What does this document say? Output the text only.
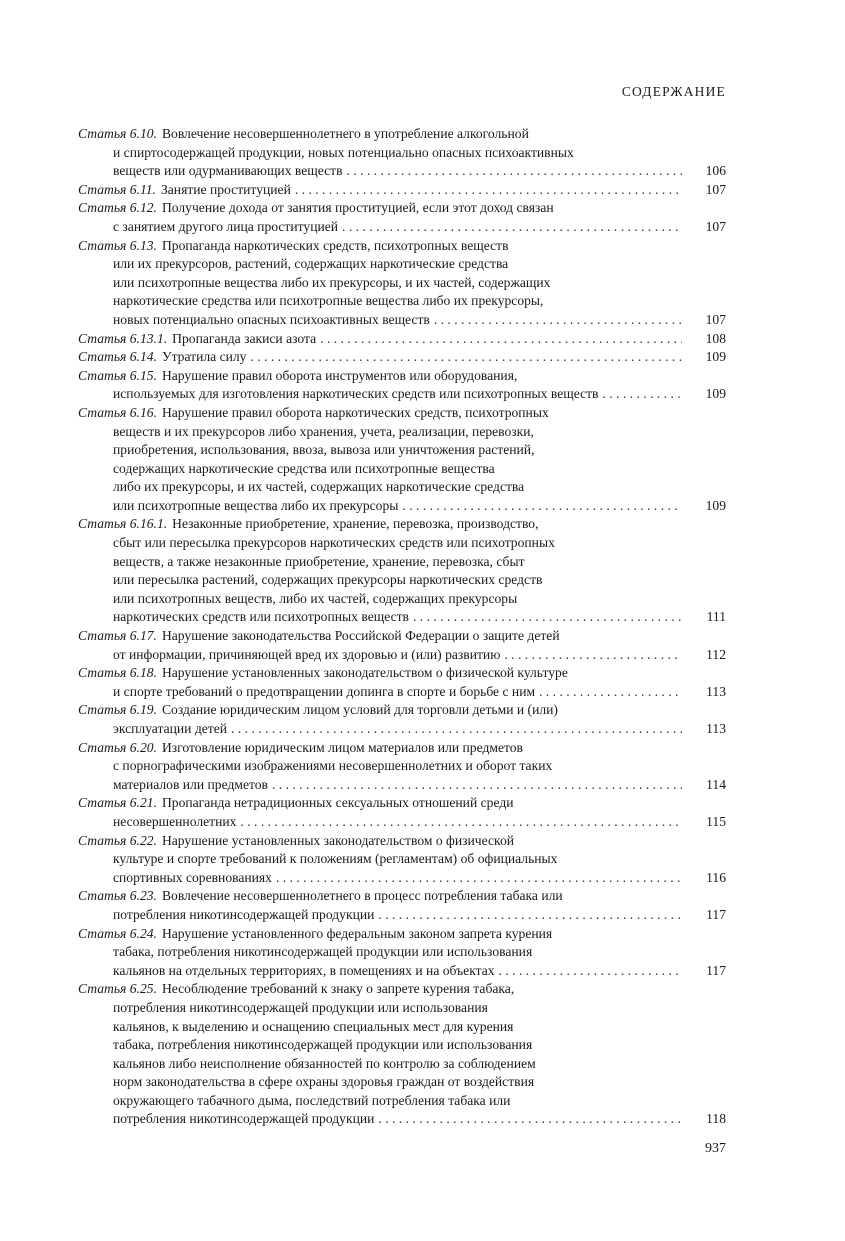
СОДЕРЖАНИЕ
Статья 6.10. Вовлечение несовершеннолетнего в употребление алкогольной
и спиртосодержащей продукции, новых потенциально опасных психоактивных
веществ или одурманивающих веществ . . .	106
Статья 6.11. Занятие проституцией . . .	107
Статья 6.12. Получение дохода от занятия проституцией, если этот доход связан
с занятием другого лица проституцией . . .	107
Статья 6.13. Пропаганда наркотических средств, психотропных веществ
или их прекурсоров, растений, содержащих наркотические средства
или психотропные вещества либо их прекурсоры, и их частей, содержащих
наркотические средства или психотропные вещества либо их прекурсоры,
новых потенциально опасных психоактивных веществ . . .	107
Статья 6.13.1. Пропаганда закиси азота . . .	108
Статья 6.14. Утратила силу . . .	109
Статья 6.15. Нарушение правил оборота инструментов или оборудования,
используемых для изготовления наркотических средств или психотропных веществ . . .	109
Статья 6.16. Нарушение правил оборота наркотических средств, психотропных
веществ и их прекурсоров либо хранения, учета, реализации, перевозки,
приобретения, использования, ввоза, вывоза или уничтожения растений,
содержащих наркотические средства или психотропные вещества
либо их прекурсоры, и их частей, содержащих наркотические средства
или психотропные вещества либо их прекурсоры . . .	109
Статья 6.16.1. Незаконные приобретение, хранение, перевозка, производство,
сбыт или пересылка прекурсоров наркотических средств или психотропных
веществ, а также незаконные приобретение, хранение, перевозка, сбыт
или пересылка растений, содержащих прекурсоры наркотических средств
или психотропных веществ, либо их частей, содержащих прекурсоры
наркотических средств или психотропных веществ . . .	111
Статья 6.17. Нарушение законодательства Российской Федерации о защите детей
от информации, причиняющей вред их здоровью и (или) развитию . . .	112
Статья 6.18. Нарушение установленных законодательством о физической культуре
и спорте требований о предотвращении допинга в спорте и борьбе с ним . . .	113
Статья 6.19. Создание юридическим лицом условий для торговли детьми и (или)
эксплуатации детей . . .	113
Статья 6.20. Изготовление юридическим лицом материалов или предметов
с порнографическими изображениями несовершеннолетних и оборот таких
материалов или предметов . . .	114
Статья 6.21. Пропаганда нетрадиционных сексуальных отношений среди
несовершеннолетних . . .	115
Статья 6.22. Нарушение установленных законодательством о физической
культуре и спорте требований к положениям (регламентам) об официальных
спортивных соревнованиях . . .	116
Статья 6.23. Вовлечение несовершеннолетнего в процесс потребления табака или
потребления никотинсодержащей продукции . . .	117
Статья 6.24. Нарушение установленного федеральным законом запрета курения
табака, потребления никотинсодержащей продукции или использования
кальянов на отдельных территориях, в помещениях и на объектах . . .	117
Статья 6.25. Несоблюдение требований к знаку о запрете курения табака,
потребления никотинсодержащей продукции или использования
кальянов, к выделению и оснащению специальных мест для курения
табака, потребления никотинсодержащей продукции или использования
кальянов либо неисполнение обязанностей по контролю за соблюдением
норм законодательства в сфере охраны здоровья граждан от воздействия
окружающего табачного дыма, последствий потребления табака или
потребления никотинсодержащей продукции . . .	118
937
